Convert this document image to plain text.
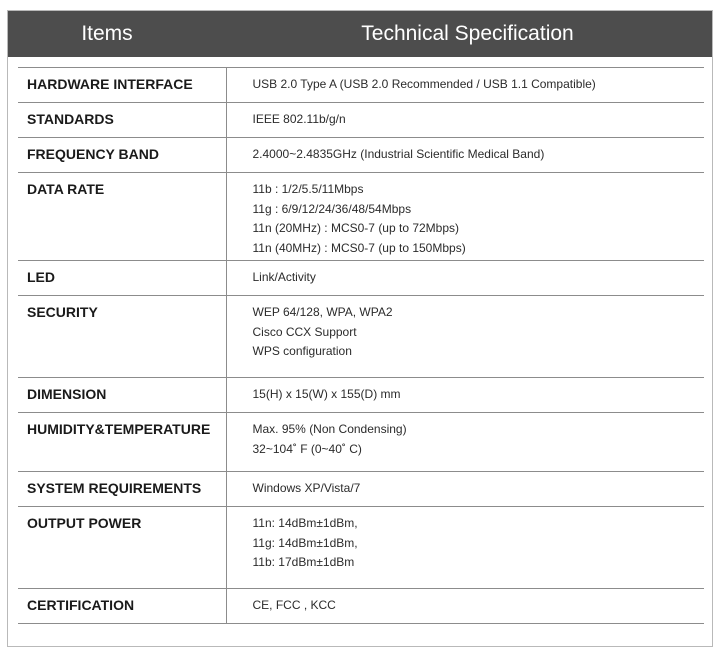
Items	Technical Specification
HARDWARE INTERFACE	USB 2.0 Type A (USB 2.0 Recommended / USB 1.1 Compatible)

STANDARDS	IEEE 802.11b/g/n

FREQUENCY BAND	2.4000~2.4835GHz (Industrial Scientific Medical Band)

DATA RATE	11b : 1/2/5.5/11Mbps
11g : 6/9/12/24/36/48/54Mbps
11n (20MHz) : MCS0-7 (up to 72Mbps)
11n (40MHz) : MCS0-7 (up to 150Mbps)

LED	Link/Activity

SECURITY	WEP 64/128, WPA, WPA2
Cisco CCX Support
WPS configuration

DIMENSION	15(H) x 15(W) x 155(D) mm

HUMIDITY&TEMPERATURE	Max. 95% (Non Condensing)
32~104˚ F (0~40˚ C)

SYSTEM REQUIREMENTS	Windows XP/Vista/7

OUTPUT POWER	11n: 14dBm±1dBm,
11g: 14dBm±1dBm,
11b: 17dBm±1dBm

CERTIFICATION	CE, FCC , KCC
